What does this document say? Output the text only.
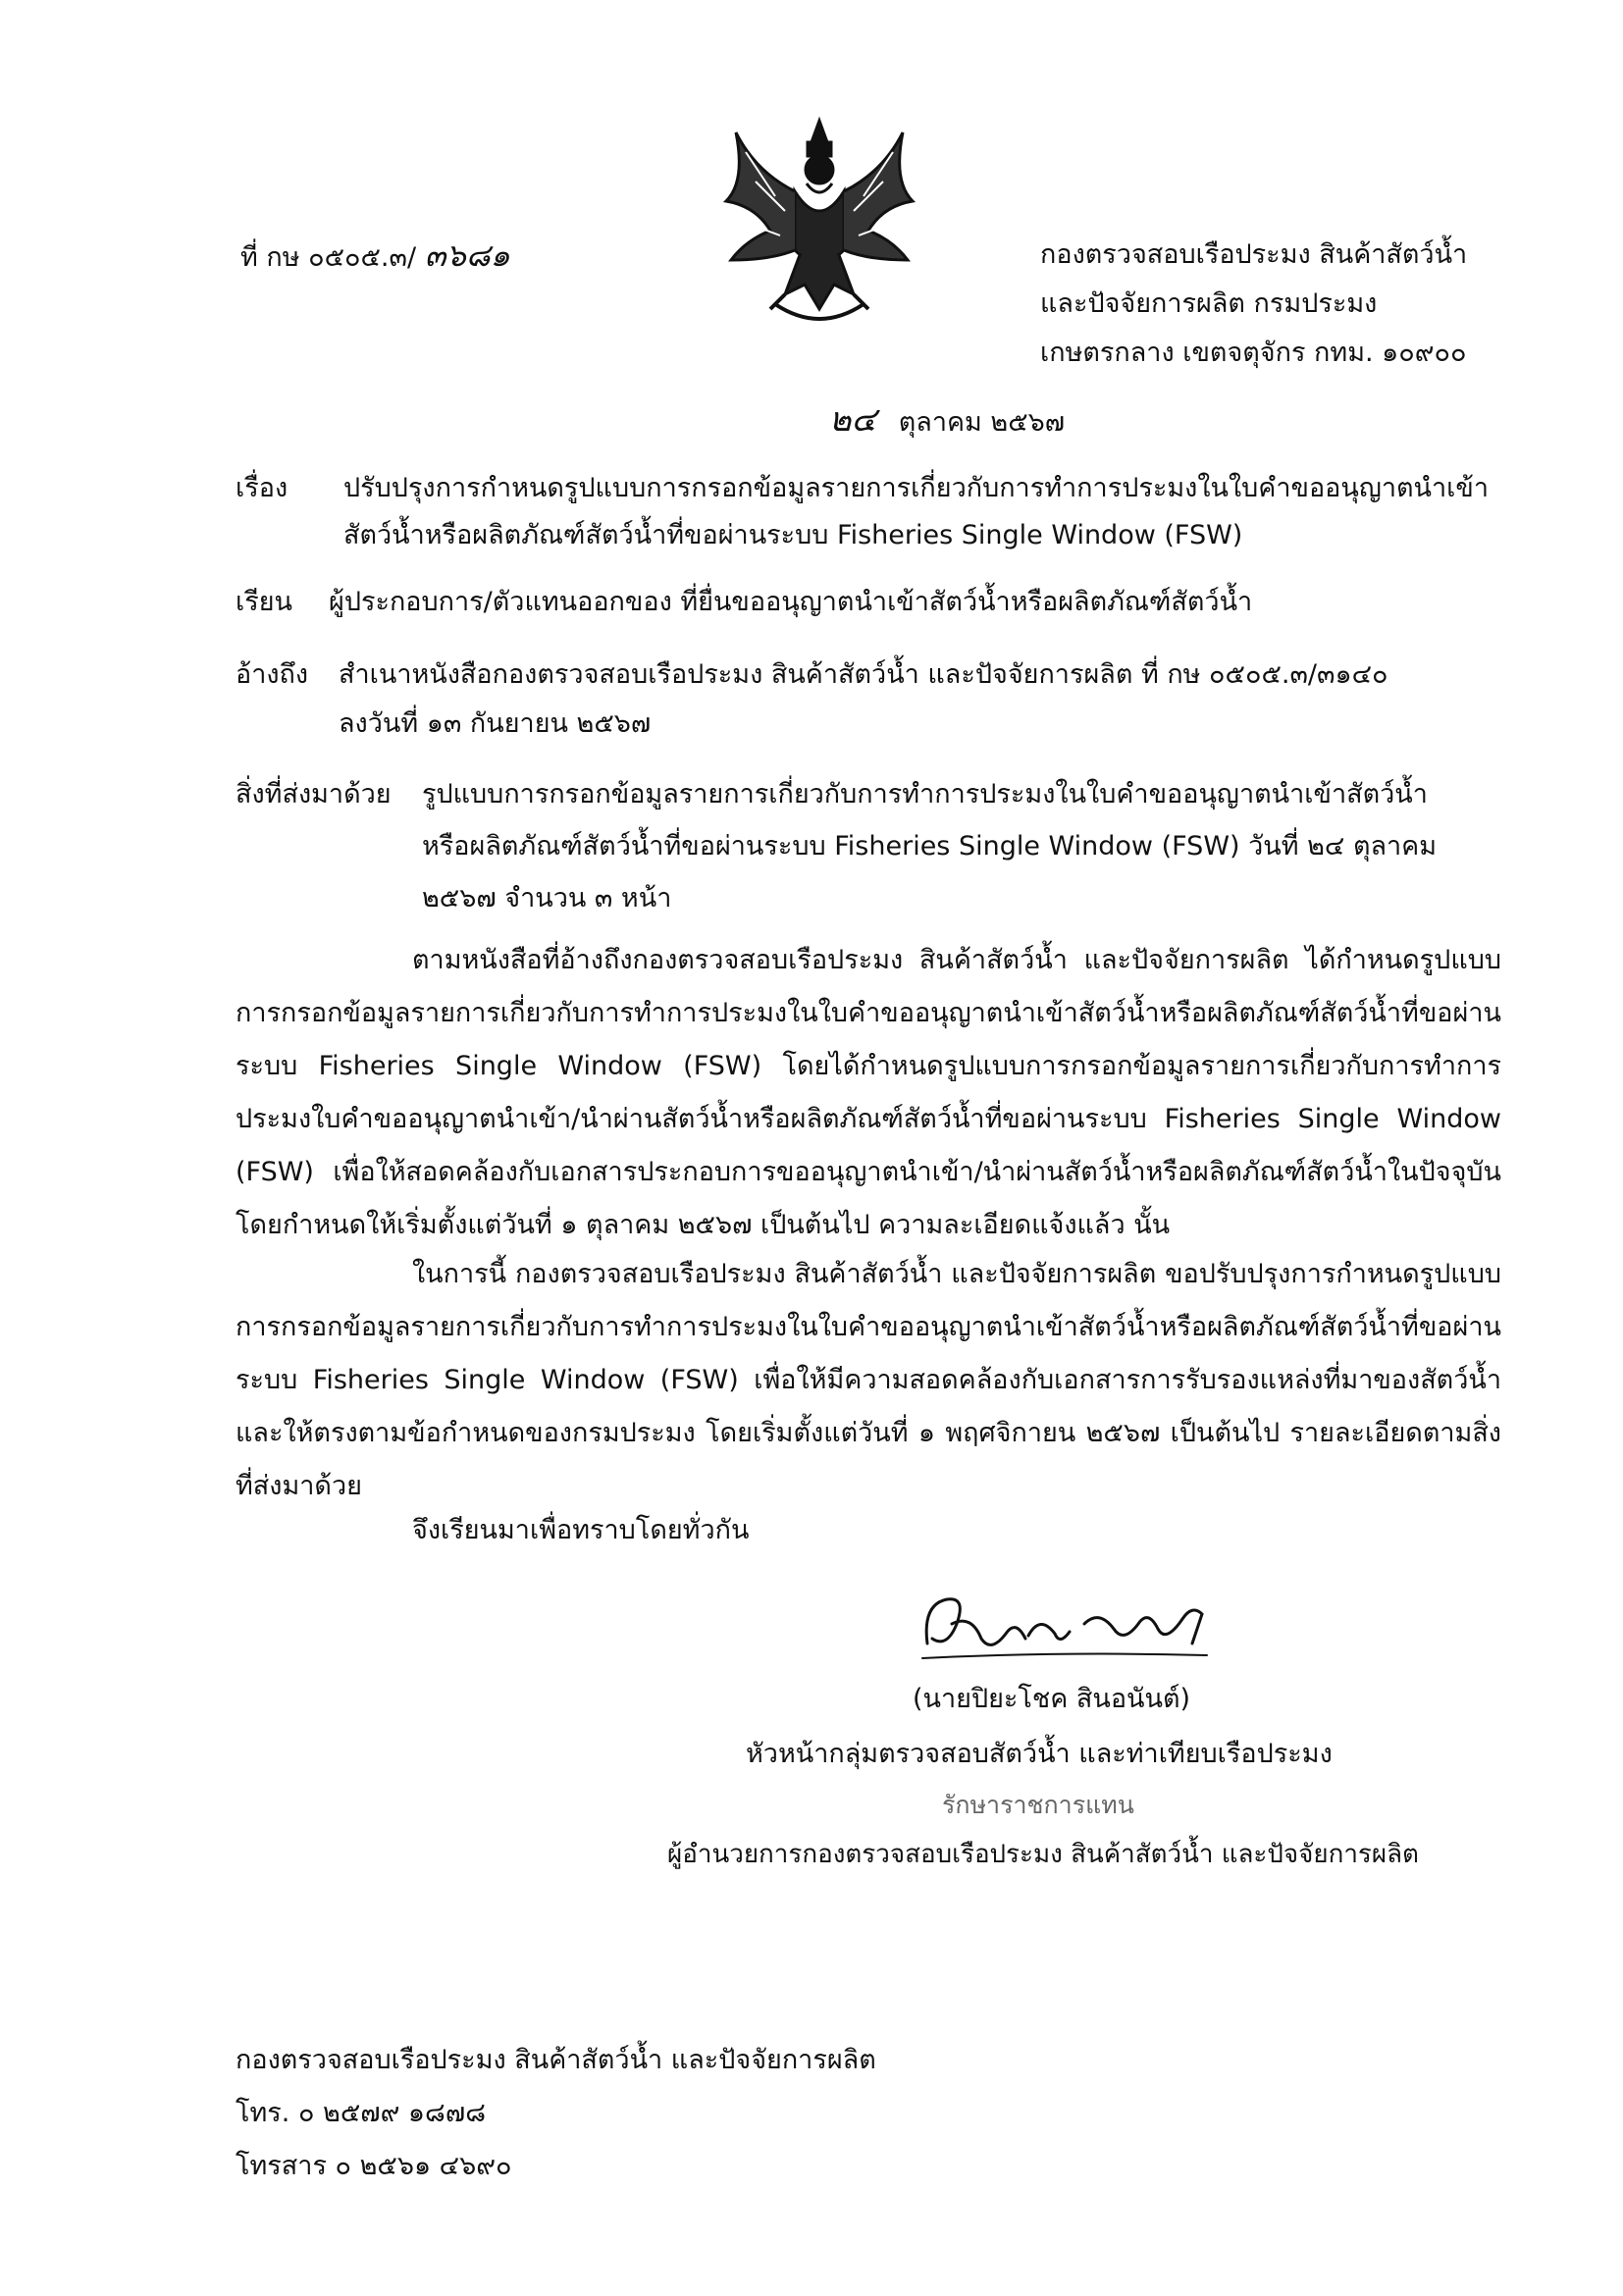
ที่ กษ ๐๕๐๕.๓/ ๓๖๘๑	กองตรวจสอบเรือประมง สินค้าสัตว์น้ำ
และปัจจัยการผลิต กรมประมง
เกษตรกลาง เขตจตุจักร กทม. ๑๐๙๐๐
๒๔ ตุลาคม ๒๕๖๗
เรื่อง ปรับปรุงการกำหนดรูปแบบการกรอกข้อมูลรายการเกี่ยวกับการทำการประมงในใบคำขออนุญาตนำเข้า
สัตว์น้ำหรือผลิตภัณฑ์สัตว์น้ำที่ขอผ่านระบบ Fisheries Single Window (FSW)
เรียน ผู้ประกอบการ/ตัวแทนออกของ ที่ยื่นขออนุญาตนำเข้าสัตว์น้ำหรือผลิตภัณฑ์สัตว์น้ำ
อ้างถึง สำเนาหนังสือกองตรวจสอบเรือประมง สินค้าสัตว์น้ำ และปัจจัยการผลิต ที่ กษ ๐๕๐๕.๓/๓๑๔๐
ลงวันที่ ๑๓ กันยายน ๒๕๖๗
สิ่งที่ส่งมาด้วย รูปแบบการกรอกข้อมูลรายการเกี่ยวกับการทำการประมงในใบคำขออนุญาตนำเข้าสัตว์น้ำ
หรือผลิตภัณฑ์สัตว์น้ำที่ขอผ่านระบบ Fisheries Single Window (FSW) วันที่ ๒๔ ตุลาคม
๒๕๖๗ จำนวน ๓ หน้า
ตามหนังสือที่อ้างถึงกองตรวจสอบเรือประมง สินค้าสัตว์น้ำ และปัจจัยการผลิต ได้กำหนดรูปแบบการกรอกข้อมูลรายการเกี่ยวกับการทำการประมงในใบคำขออนุญาตนำเข้าสัตว์น้ำหรือผลิตภัณฑ์สัตว์น้ำที่ขอผ่านระบบ Fisheries Single Window (FSW) โดยได้กำหนดรูปแบบการกรอกข้อมูลรายการเกี่ยวกับการทำการประมงใบคำขออนุญาตนำเข้า/นำผ่านสัตว์น้ำหรือผลิตภัณฑ์สัตว์น้ำที่ขอผ่านระบบ Fisheries Single Window (FSW) เพื่อให้สอดคล้องกับเอกสารประกอบการขออนุญาตนำเข้า/นำผ่านสัตว์น้ำหรือผลิตภัณฑ์สัตว์น้ำในปัจจุบัน โดยกำหนดให้เริ่มตั้งแต่วันที่ ๑ ตุลาคม ๒๕๖๗ เป็นต้นไป ความละเอียดแจ้งแล้ว นั้น
ในการนี้ กองตรวจสอบเรือประมง สินค้าสัตว์น้ำ และปัจจัยการผลิต ขอปรับปรุงการกำหนดรูปแบบการกรอกข้อมูลรายการเกี่ยวกับการทำการประมงในใบคำขออนุญาตนำเข้าสัตว์น้ำหรือผลิตภัณฑ์สัตว์น้ำที่ขอผ่านระบบ Fisheries Single Window (FSW) เพื่อให้มีความสอดคล้องกับเอกสารการรับรองแหล่งที่มาของสัตว์น้ำ และให้ตรงตามข้อกำหนดของกรมประมง โดยเริ่มตั้งแต่วันที่ ๑ พฤศจิกายน ๒๕๖๗ เป็นต้นไป รายละเอียดตามสิ่งที่ส่งมาด้วย
จึงเรียนมาเพื่อทราบโดยทั่วกัน
(นายปิยะโชค สินอนันต์)
หัวหน้ากลุ่มตรวจสอบสัตว์น้ำ และท่าเทียบเรือประมง
รักษาราชการแทน
ผู้อำนวยการกองตรวจสอบเรือประมง สินค้าสัตว์น้ำ และปัจจัยการผลิต
กองตรวจสอบเรือประมง สินค้าสัตว์น้ำ และปัจจัยการผลิต
โทร. ๐ ๒๕๗๙ ๑๘๗๘
โทรสาร ๐ ๒๕๖๑ ๔๖๙๐
